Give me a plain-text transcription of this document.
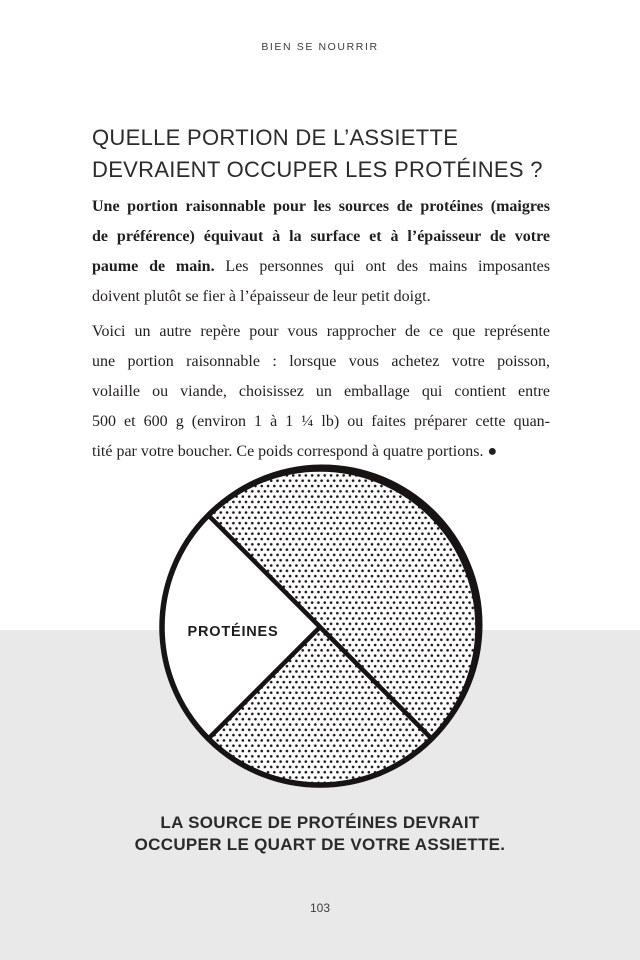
BIEN SE NOURRIR
QUELLE PORTION DE L’ASSIETTE
DEVRAIENT OCCUPER LES PROTÉINES ?
Une portion raisonnable pour les sources de protéines (maigres
de préférence) équivaut à la surface et à l’épaisseur de votre
paume de main. Les personnes qui ont des mains imposantes
doivent plutôt se fier à l’épaisseur de leur petit doigt.
Voici un autre repère pour vous rapprocher de ce que représente
une portion raisonnable : lorsque vous achetez votre poisson,
volaille ou viande, choisissez un emballage qui contient entre
500 et 600 g (environ 1 à 1 ¼ lb) ou faites préparer cette quan-
tité par votre boucher. Ce poids correspond à quatre portions. ●
PROTÉINES
LA SOURCE DE PROTÉINES DEVRAIT
OCCUPER LE QUART DE VOTRE ASSIETTE.
103
